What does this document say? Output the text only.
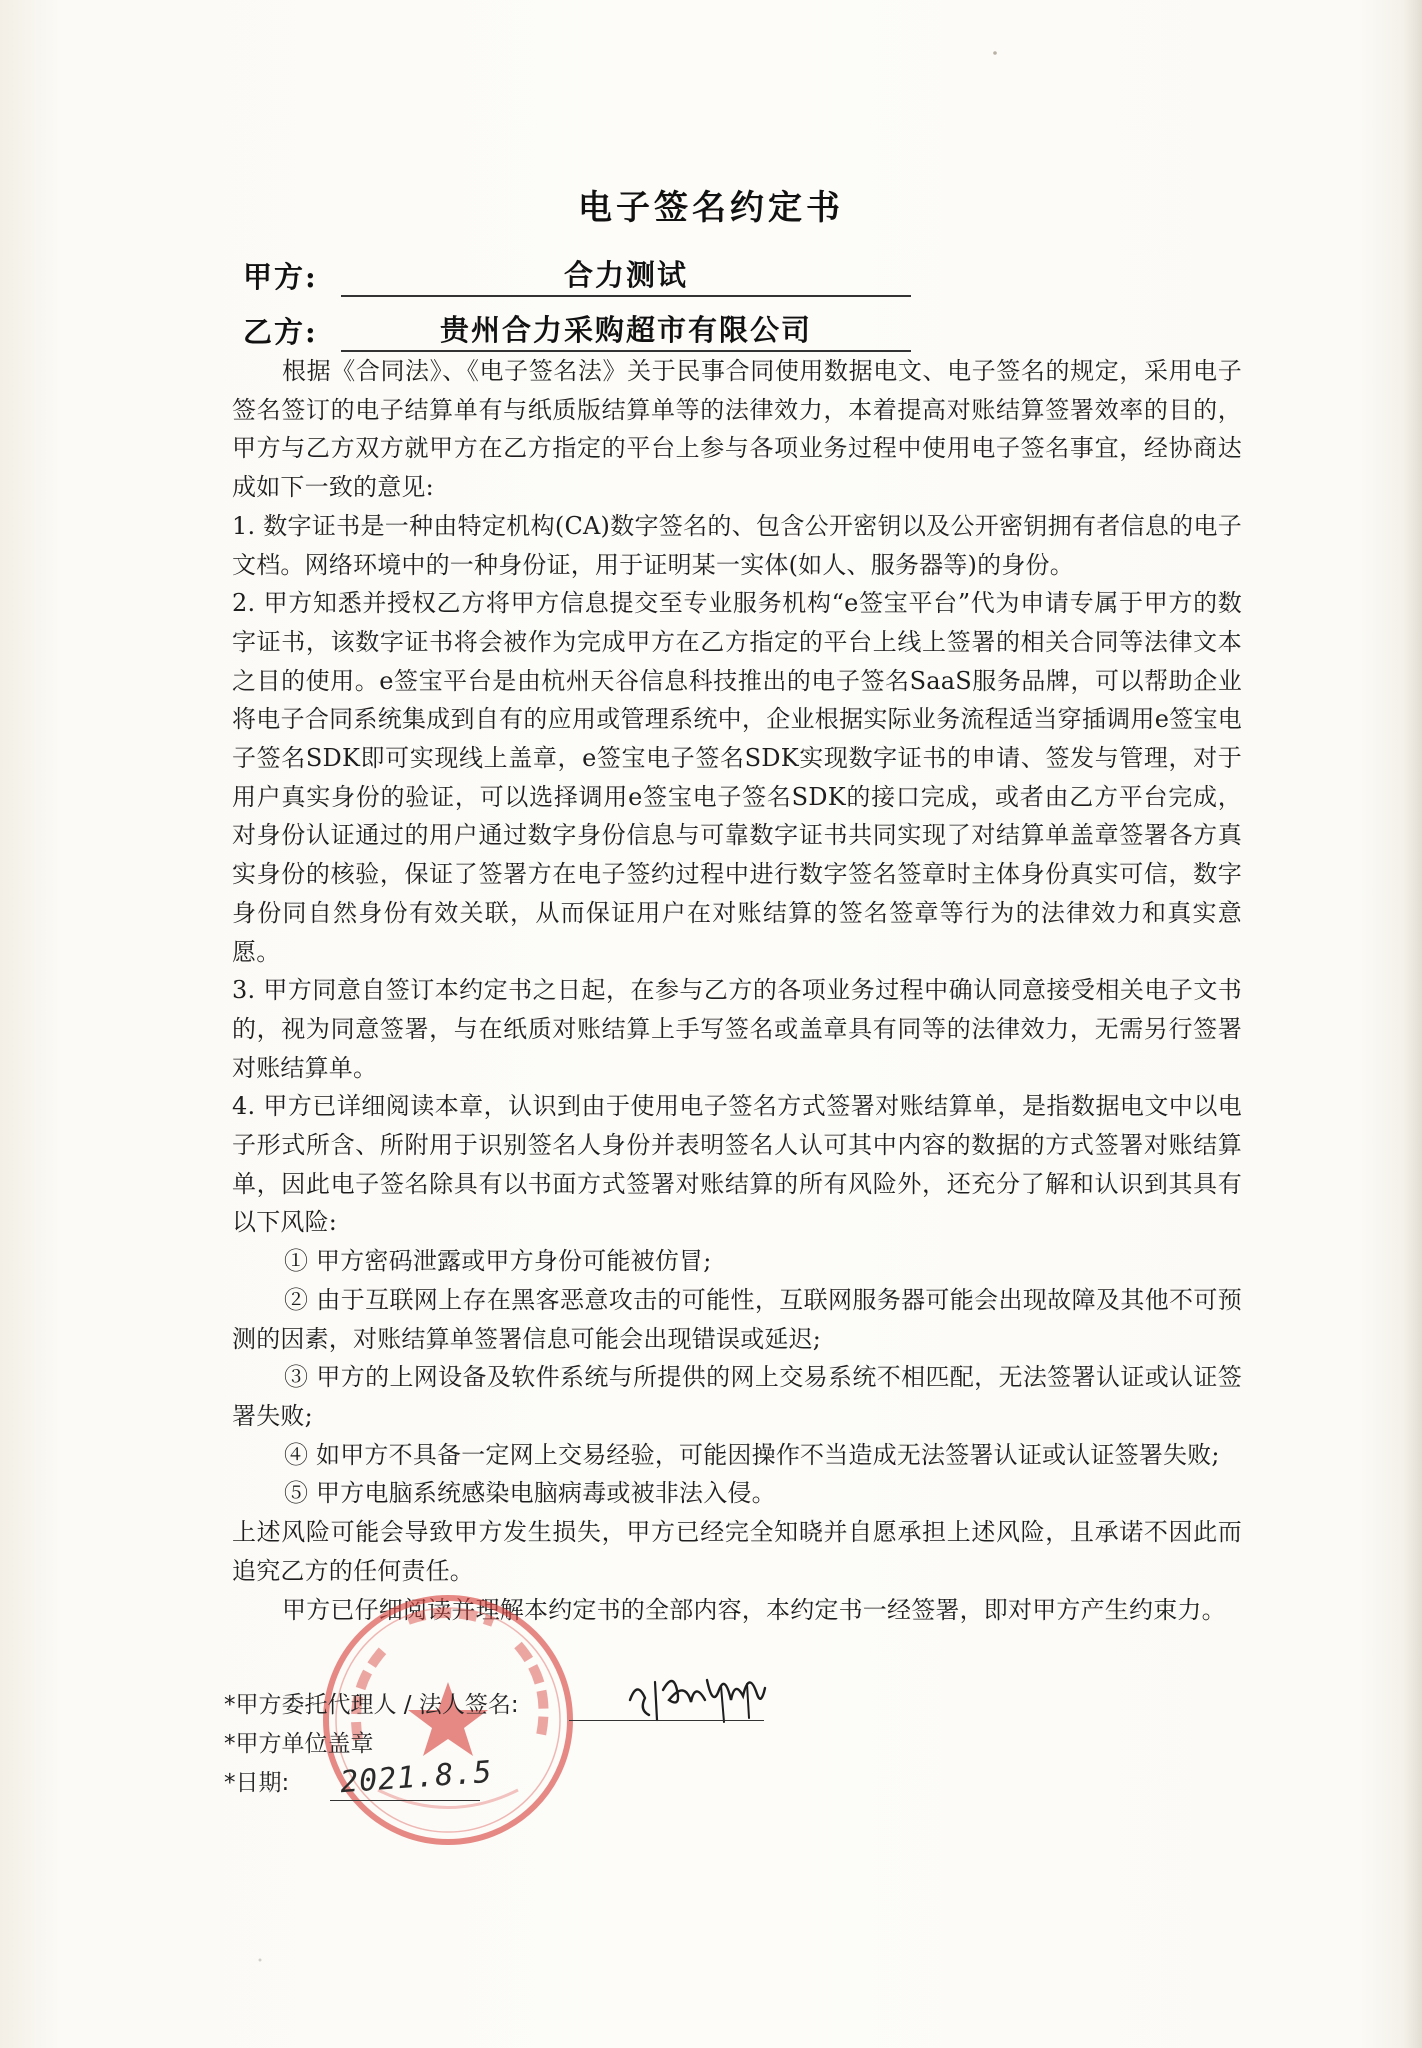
电子签名约定书
甲方:	合力测试
乙方:	贵州合力采购超市有限公司

根据《合同法》、《电子签名法》关于民事合同使用数据电文、电子签名的规定，采用电子签名签订的电子结算单有与纸质版结算单等的法律效力，本着提高对账结算签署效率的目的，甲方与乙方双方就甲方在乙方指定的平台上参与各项业务过程中使用电子签名事宜，经协商达成如下一致的意见:

1. 数字证书是一种由特定机构(CA)数字签名的、包含公开密钥以及公开密钥拥有者信息的电子文档。网络环境中的一种身份证，用于证明某一实体(如人、服务器等)的身份。

2. 甲方知悉并授权乙方将甲方信息提交至专业服务机构“e签宝平台”代为申请专属于甲方的数字证书，该数字证书将会被作为完成甲方在乙方指定的平台上线上签署的相关合同等法律文本之目的使用。e签宝平台是由杭州天谷信息科技推出的电子签名SaaS服务品牌，可以帮助企业将电子合同系统集成到自有的应用或管理系统中，企业根据实际业务流程适当穿插调用e签宝电子签名SDK即可实现线上盖章，e签宝电子签名SDK实现数字证书的申请、签发与管理，对于用户真实身份的验证，可以选择调用e签宝电子签名SDK的接口完成，或者由乙方平台完成，对身份认证通过的用户通过数字身份信息与可靠数字证书共同实现了对结算单盖章签署各方真实身份的核验，保证了签署方在电子签约过程中进行数字签名签章时主体身份真实可信，数字身份同自然身份有效关联，从而保证用户在对账结算的签名签章等行为的法律效力和真实意愿。

3. 甲方同意自签订本约定书之日起，在参与乙方的各项业务过程中确认同意接受相关电子文书的，视为同意签署，与在纸质对账结算上手写签名或盖章具有同等的法律效力，无需另行签署对账结算单。

4. 甲方已详细阅读本章，认识到由于使用电子签名方式签署对账结算单，是指数据电文中以电子形式所含、所附用于识别签名人身份并表明签名人认可其中内容的数据的方式签署对账结算单，因此电子签名除具有以书面方式签署对账结算的所有风险外，还充分了解和认识到其具有以下风险:

① 甲方密码泄露或甲方身份可能被仿冒;

② 由于互联网上存在黑客恶意攻击的可能性，互联网服务器可能会出现故障及其他不可预测的因素，对账结算单签署信息可能会出现错误或延迟;

③ 甲方的上网设备及软件系统与所提供的网上交易系统不相匹配，无法签署认证或认证签署失败;

④ 如甲方不具备一定网上交易经验，可能因操作不当造成无法签署认证或认证签署失败;

⑤ 甲方电脑系统感染电脑病毒或被非法入侵。

上述风险可能会导致甲方发生损失，甲方已经完全知晓并自愿承担上述风险，且承诺不因此而追究乙方的任何责任。

甲方已仔细阅读并理解本约定书的全部内容，本约定书一经签署，即对甲方产生约束力。

*甲方委托代理人 / 法人签名:
*甲方单位盖章
*日期:	2021.8.5
